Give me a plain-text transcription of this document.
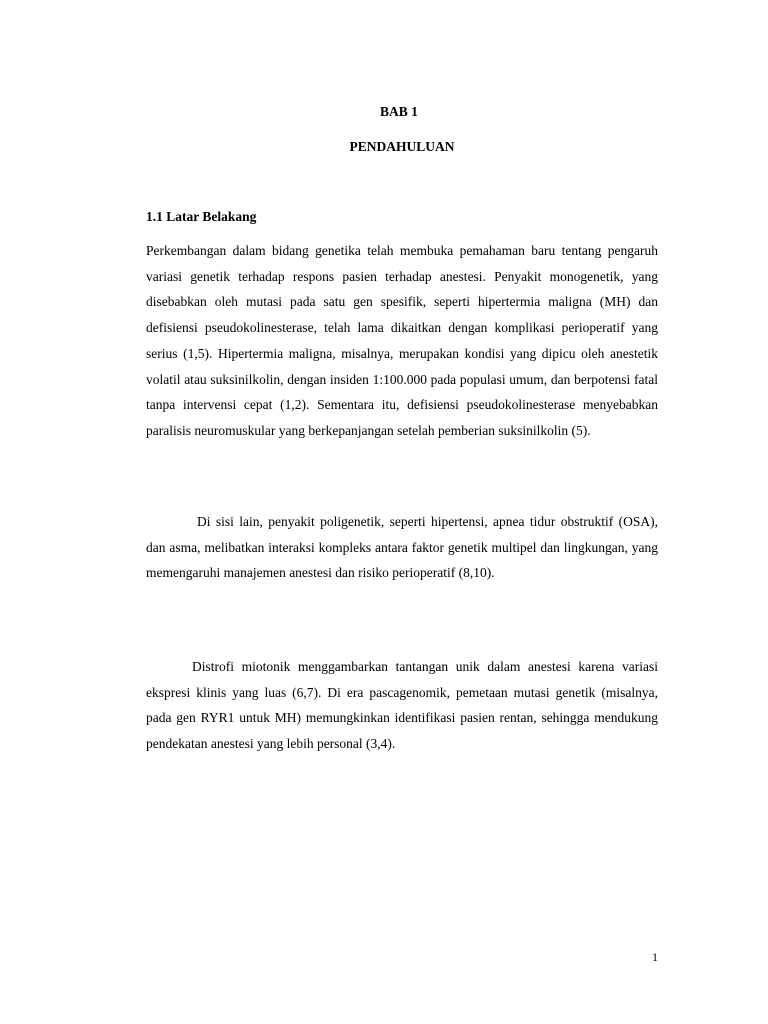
BAB 1
PENDAHULUAN
1.1 Latar Belakang

Perkembangan dalam bidang genetika telah membuka pemahaman baru tentang pengaruh variasi genetik terhadap respons pasien terhadap anestesi. Penyakit monogenetik, yang disebabkan oleh mutasi pada satu gen spesifik, seperti hipertermia maligna (MH) dan defisiensi pseudokolinesterase, telah lama dikaitkan dengan komplikasi perioperatif yang serius (1,5). Hipertermia maligna, misalnya, merupakan kondisi yang dipicu oleh anestetik volatil atau suksinilkolin, dengan insiden 1:100.000 pada populasi umum, dan berpotensi fatal tanpa intervensi cepat (1,2). Sementara itu, defisiensi pseudokolinesterase menyebabkan paralisis neuromuskular yang berkepanjangan setelah pemberian suksinilkolin (5).

Di sisi lain, penyakit poligenetik, seperti hipertensi, apnea tidur obstruktif (OSA), dan asma, melibatkan interaksi kompleks antara faktor genetik multipel dan lingkungan, yang memengaruhi manajemen anestesi dan risiko perioperatif (8,10).

Distrofi miotonik menggambarkan tantangan unik dalam anestesi karena variasi ekspresi klinis yang luas (6,7). Di era pascagenomik, pemetaan mutasi genetik (misalnya, pada gen RYR1 untuk MH) memungkinkan identifikasi pasien rentan, sehingga mendukung pendekatan anestesi yang lebih personal (3,4).

1
